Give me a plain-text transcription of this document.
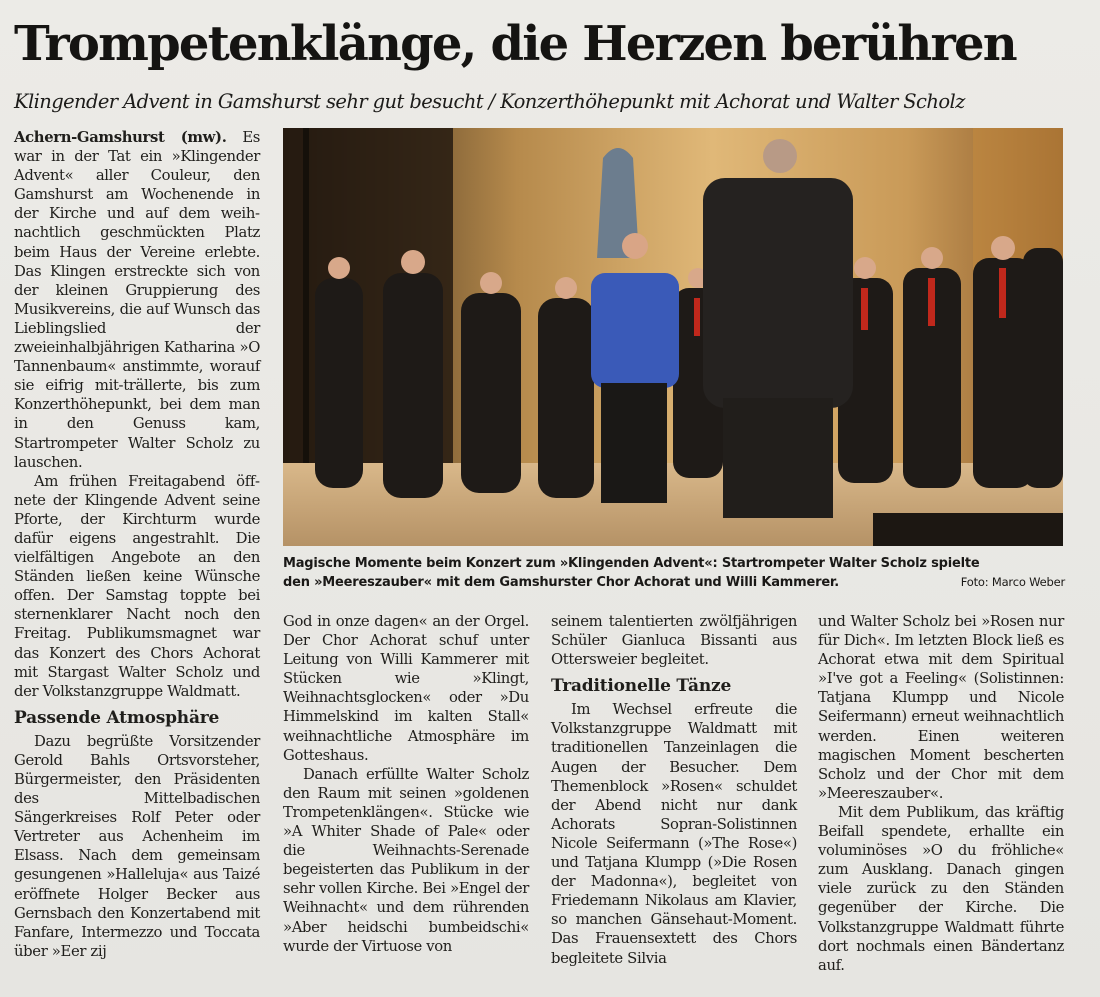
Trompetenklänge, die Herzen berühren
Klingender Advent in Gamshurst sehr gut besucht / Konzerthöhepunkt mit Achorat und Walter Scholz

Achern-Gamshurst (mw). Es war in der Tat ein »Klingender Advent« aller Couleur, den Gamshurst am Wochenende in der Kirche und auf dem weihnachtlich geschmückten Platz beim Haus der Vereine erlebte. Das Klingen erstreckte sich von der kleinen Gruppierung des Musikvereins, die auf Wunsch das Lieblingslied der zweieinhalbjährigen Katharina »O Tannenbaum« anstimmte, worauf sie eifrig mit-trällerte, bis zum Konzerthöhepunkt, bei dem man in den Genuss kam, Startrompeter Walter Scholz zu lauschen.

Am frühen Freitagabend öffnete der Klingende Advent seine Pforte, der Kirchturm wurde dafür eigens angestrahlt. Die vielfältigen Angebote an den Ständen ließen keine Wünsche offen. Der Samstag toppte bei sternenklarer Nacht noch den Freitag. Publikumsmagnet war das Konzert des Chors Achorat mit Stargast Walter Scholz und der Volkstanzgruppe Waldmatt.

Passende Atmosphäre

Dazu begrüßte Vorsitzender Gerold Bahls Ortsvorsteher, Bürgermeister, den Präsidenten des Mittelbadischen Sängerkreises Rolf Peter oder Vertreter aus Achenheim im Elsass. Nach dem gemeinsam gesungenen »Halleluja« aus Taizé eröffnete Holger Becker aus Gernsbach den Konzertabend mit Fanfare, Intermezzo und Toccata über »Eer zij

Magische Momente beim Konzert zum »Klingenden Advent«: Startrompeter Walter Scholz spielte
den »Meereszauber« mit dem Gamshurster Chor Achorat und Willi Kammerer.	Foto: Marco Weber

God in onze dagen« an der Orgel. Der Chor Achorat schuf unter Leitung von Willi Kammerer mit Stücken wie »Klingt, Weihnachtsglocken« oder »Du Himmelskind im kalten Stall« weihnachtliche Atmosphäre im Gotteshaus.

Danach erfüllte Walter Scholz den Raum mit seinen »goldenen Trompetenklängen«. Stücke wie »A Whiter Shade of Pale« oder die Weihnachts-Serenade begeisterten das Publikum in der sehr vollen Kirche. Bei »Engel der Weihnacht« und dem rührenden »Aber heidschi bumbeidschi« wurde der Virtuose von

seinem talentierten zwölfjährigen Schüler Gianluca Bissanti aus Ottersweier begleitet.

Traditionelle Tänze

Im Wechsel erfreute die Volkstanzgruppe Waldmatt mit traditionellen Tanzeinlagen die Augen der Besucher. Dem Themenblock »Rosen« schuldet der Abend nicht nur dank Achorats Sopran-Solistinnen Nicole Seifermann (»The Rose«) und Tatjana Klumpp (»Die Rosen der Madonna«), begleitet von Friedemann Nikolaus am Klavier, so manchen Gänsehaut-Moment. Das Frauensextett des Chors begleitete Silvia

und Walter Scholz bei »Rosen nur für Dich«. Im letzten Block ließ es Achorat etwa mit dem Spiritual »I've got a Feeling« (Solistinnen: Tatjana Klumpp und Nicole Seifermann) erneut weihnachtlich werden. Einen weiteren magischen Moment bescherten Scholz und der Chor mit dem »Meereszauber«.

Mit dem Publikum, das kräftig Beifall spendete, erhallte ein voluminöses »O du fröhliche« zum Ausklang. Danach gingen viele zurück zu den Ständen gegenüber der Kirche. Die Volkstanzgruppe Waldmatt führte dort nochmals einen Bändertanz auf.
